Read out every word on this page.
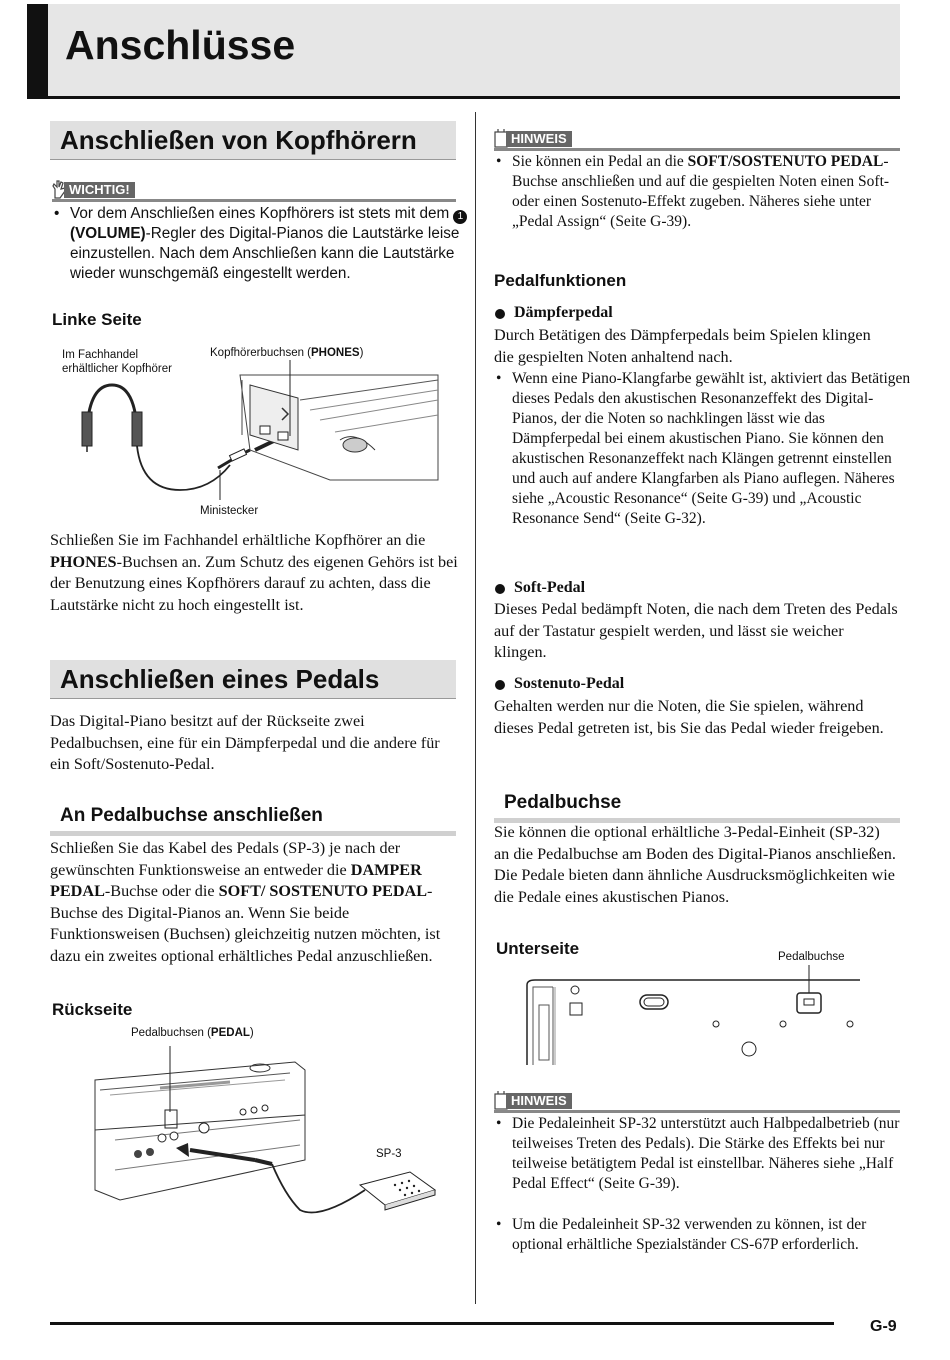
Anschlüsse
Anschließen von Kopfhörern
WICHTIG!

• Vor dem Anschließen eines Kopfhörers ist stets mit dem 1 (VOLUME)-Regler des Digital-Pianos die Lautstärke leise einzustellen. Nach dem Anschließen kann die Lautstärke wieder wunschgemäß eingestellt werden.

Linke Seite

Im Fachhandel erhältlicher Kopfhörer

Kopfhörerbuchsen (PHONES)

Ministecker

Schließen Sie im Fachhandel erhältliche Kopfhörer an die PHONES-Buchsen an. Zum Schutz des eigenen Gehörs ist bei der Benutzung eines Kopfhörers darauf zu achten, dass die Lautstärke nicht zu hoch eingestellt ist.

Anschließen eines Pedals

Das Digital-Piano besitzt auf der Rückseite zwei Pedalbuchsen, eine für ein Dämpferpedal und die andere für ein Soft/Sostenuto-Pedal.

An Pedalbuchse anschließen

Schließen Sie das Kabel des Pedals (SP-3) je nach der gewünschten Funktionsweise an entweder die DAMPER PEDAL-Buchse oder die SOFT/ SOSTENUTO PEDAL-Buchse des Digital-Pianos an. Wenn Sie beide Funktionsweisen (Buchsen) gleichzeitig nutzen möchten, ist dazu ein zweites optional erhältliches Pedal anzuschließen.

Rückseite

Pedalbuchsen (PEDAL)

SP-3

HINWEIS

• Sie können ein Pedal an die SOFT/SOSTENUTO PEDAL-Buchse anschließen und auf die gespielten Noten einen Soft- oder einen Sostenuto-Effekt zugeben. Näheres siehe unter „Pedal Assign“ (Seite G-39).

Pedalfunktionen

Dämpferpedal

Durch Betätigen des Dämpferpedals beim Spielen klingen die gespielten Noten anhaltend nach.

• Wenn eine Piano-Klangfarbe gewählt ist, aktiviert das Betätigen dieses Pedals den akustischen Resonanzeffekt des Digital-Pianos, der die Noten so nachklingen lässt wie das Dämpferpedal bei einem akustischen Piano. Sie können den akustischen Resonanzeffekt nach Klängen getrennt einstellen und auch auf andere Klangfarben als Piano auflegen. Näheres siehe „Acoustic Resonance“ (Seite G-39) und „Acoustic Resonance Send“ (Seite G-32).

Soft-Pedal

Dieses Pedal bedämpft Noten, die nach dem Treten des Pedals auf der Tastatur gespielt werden, und lässt sie weicher klingen.

Sostenuto-Pedal

Gehalten werden nur die Noten, die Sie spielen, während dieses Pedal getreten ist, bis Sie das Pedal wieder freigeben.

Pedalbuchse

Sie können die optional erhältliche 3-Pedal-Einheit (SP-32) an die Pedalbuchse am Boden des Digital-Pianos anschließen. Die Pedale bieten dann ähnliche Ausdrucksmöglichkeiten wie die Pedale eines akustischen Pianos.

Unterseite	Pedalbuchse

HINWEIS

• Die Pedaleinheit SP-32 unterstützt auch Halbpedalbetrieb (nur teilweises Treten des Pedals). Die Stärke des Effekts bei nur teilweise betätigtem Pedal ist einstellbar. Näheres siehe „Half Pedal Effect“ (Seite G-39).

• Um die Pedaleinheit SP-32 verwenden zu können, ist der optional erhältliche Spezialständer CS-67P erforderlich.

G-9
